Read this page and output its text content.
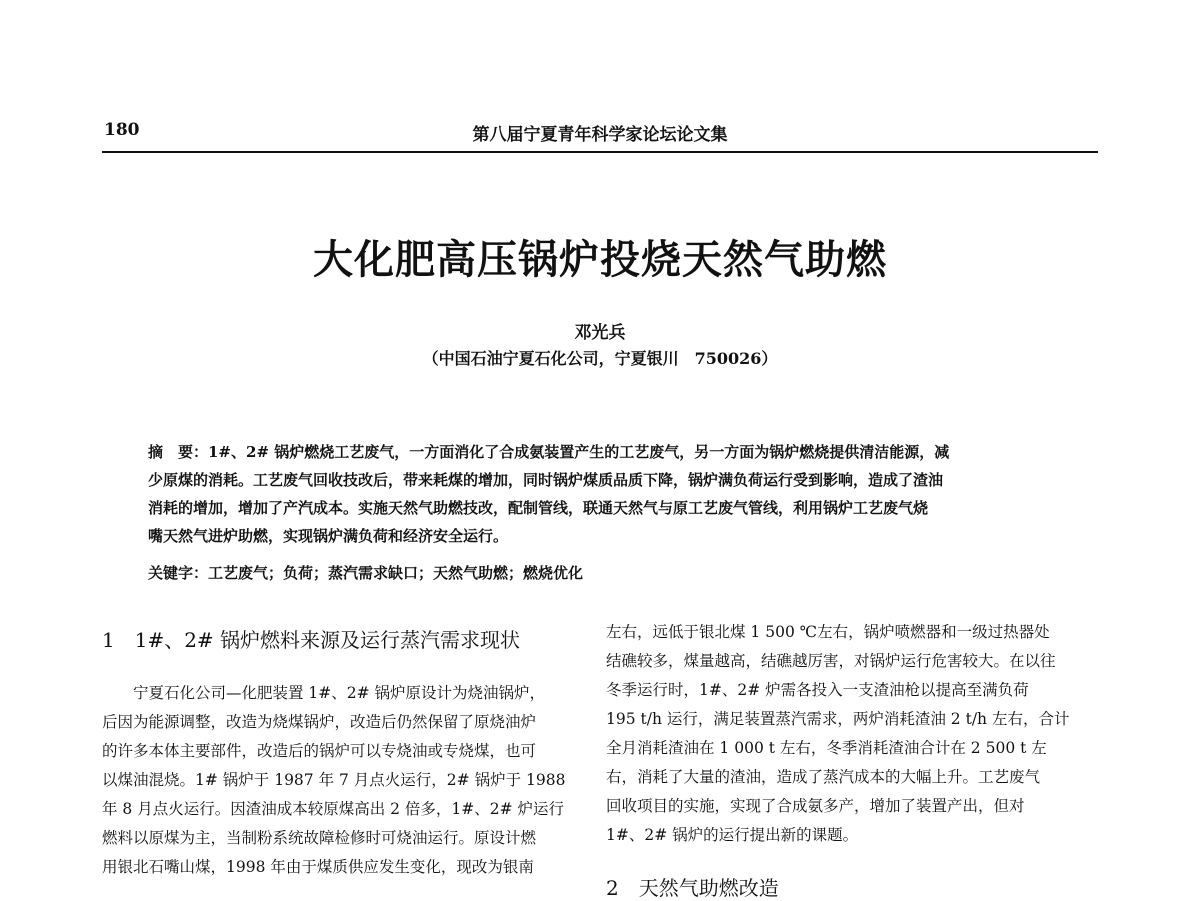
180	第八届宁夏青年科学家论坛论文集
大化肥高压锅炉投烧天然气助燃
邓光兵
（中国石油宁夏石化公司，宁夏银川　750026）
摘　要：1#、2# 锅炉燃烧工艺废气，一方面消化了合成氨装置产生的工艺废气，另一方面为锅炉燃烧提供清洁能源，减
少原煤的消耗。工艺废气回收技改后，带来耗煤的增加，同时锅炉煤质品质下降，锅炉满负荷运行受到影响，造成了渣油
消耗的增加，增加了产汽成本。实施天然气助燃技改，配制管线，联通天然气与原工艺废气管线，利用锅炉工艺废气烧
嘴天然气进炉助燃，实现锅炉满负荷和经济安全运行。
关键字：工艺废气；负荷；蒸汽需求缺口；天然气助燃；燃烧优化
1　1#、2# 锅炉燃料来源及运行蒸汽需求现状
　　宁夏石化公司—化肥装置 1#、2# 锅炉原设计为烧油锅炉，
后因为能源调整，改造为烧煤锅炉，改造后仍然保留了原烧油炉
的许多本体主要部件，改造后的锅炉可以专烧油或专烧煤，也可
以煤油混烧。1# 锅炉于 1987 年 7 月点火运行，2# 锅炉于 1988
年 8 月点火运行。因渣油成本较原煤高出 2 倍多，1#、2# 炉运行
燃料以原煤为主，当制粉系统故障检修时可烧油运行。原设计燃
用银北石嘴山煤，1998 年由于煤质供应发生变化，现改为银南
左右，远低于银北煤 1 500 ℃左右，锅炉喷燃器和一级过热器处
结礁较多，煤量越高，结礁越厉害，对锅炉运行危害较大。在以往
冬季运行时，1#、2# 炉需各投入一支渣油枪以提高至满负荷
195 t/h 运行，满足装置蒸汽需求，两炉消耗渣油 2 t/h 左右，合计
全月消耗渣油在 1 000 t 左右，冬季消耗渣油合计在 2 500 t 左
右，消耗了大量的渣油，造成了蒸汽成本的大幅上升。工艺废气
回收项目的实施，实现了合成氨多产，增加了装置产出，但对
1#、2# 锅炉的运行提出新的课题。
2　天然气助燃改造
